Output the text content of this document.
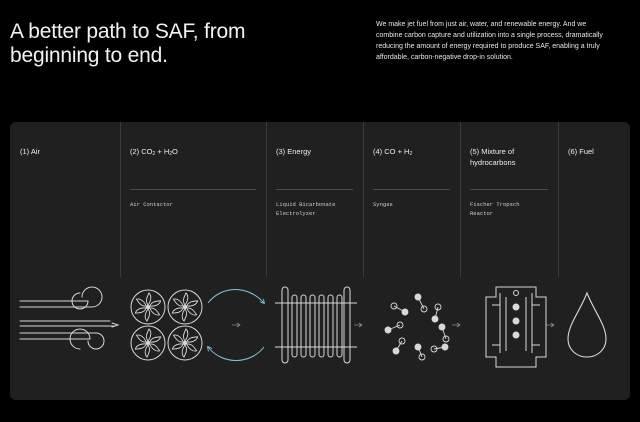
A better path to SAF, from beginning to end.
We make jet fuel from just air, water, and renewable energy. And we combine carbon capture and utilization into a single process, dramatically reducing the amount of energy required to produce SAF, enabling a truly affordable, carbon-negative drop-in solution.
(1) Air	(2) $CO_2 + H_2O$
Air Contactor
(3) Energy
Liquid Bicarbonate
Electrolyzer
(4) CO + $H_2$
Syngas
(5) Mixture of hydrocarbons
Fischer Tropsch
Reactor
(6) Fuel
